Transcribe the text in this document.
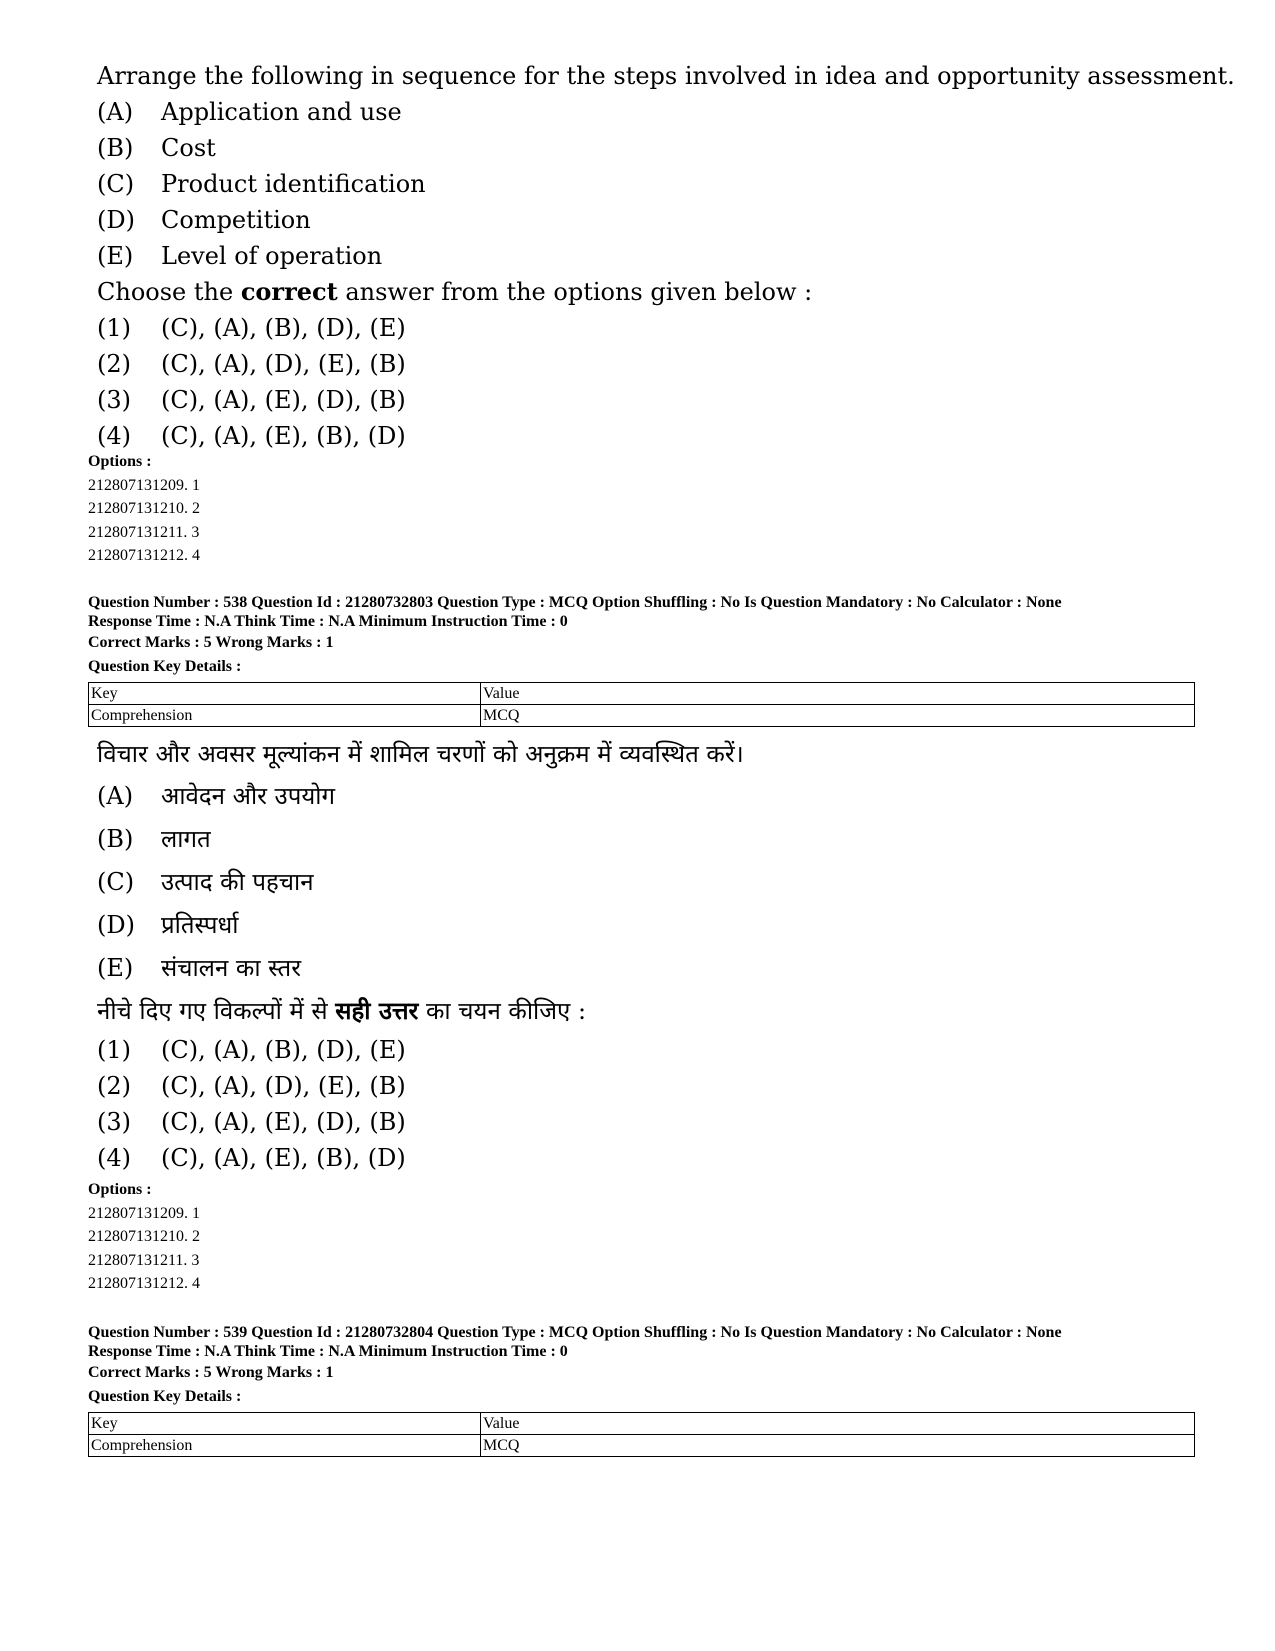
Arrange the following in sequence for the steps involved in idea and opportunity assessment.
(A)	Application and use
(B)	Cost
(C)	Product identification
(D)	Competition
(E)	Level of operation
Choose the correct answer from the options given below :
(1)	(C), (A), (B), (D), (E)
(2)	(C), (A), (D), (E), (B)
(3)	(C), (A), (E), (D), (B)
(4)	(C), (A), (E), (B), (D)
Options :
212807131209. 1
212807131210. 2
212807131211. 3
212807131212. 4
Question Number : 538 Question Id : 21280732803 Question Type : MCQ Option Shuffling : No Is Question Mandatory : No Calculator : None
Response Time : N.A Think Time : N.A Minimum Instruction Time : 0
Correct Marks : 5 Wrong Marks : 1
Question Key Details :
Key	Value
Comprehension	MCQ
विचार और अवसर मूल्यांकन में शामिल चरणों को अनुक्रम में व्यवस्थित करें।
(A)	आवेदन और उपयोग
(B)	लागत
(C)	उत्पाद की पहचान
(D)	प्रतिस्पर्धा
(E)	संचालन का स्तर
नीचे दिए गए विकल्पों में से सही उत्तर का चयन कीजिए :
(1)	(C), (A), (B), (D), (E)
(2)	(C), (A), (D), (E), (B)
(3)	(C), (A), (E), (D), (B)
(4)	(C), (A), (E), (B), (D)
Options :
212807131209. 1
212807131210. 2
212807131211. 3
212807131212. 4
Question Number : 539 Question Id : 21280732804 Question Type : MCQ Option Shuffling : No Is Question Mandatory : No Calculator : None
Response Time : N.A Think Time : N.A Minimum Instruction Time : 0
Correct Marks : 5 Wrong Marks : 1
Question Key Details :
Key	Value
Comprehension	MCQ
